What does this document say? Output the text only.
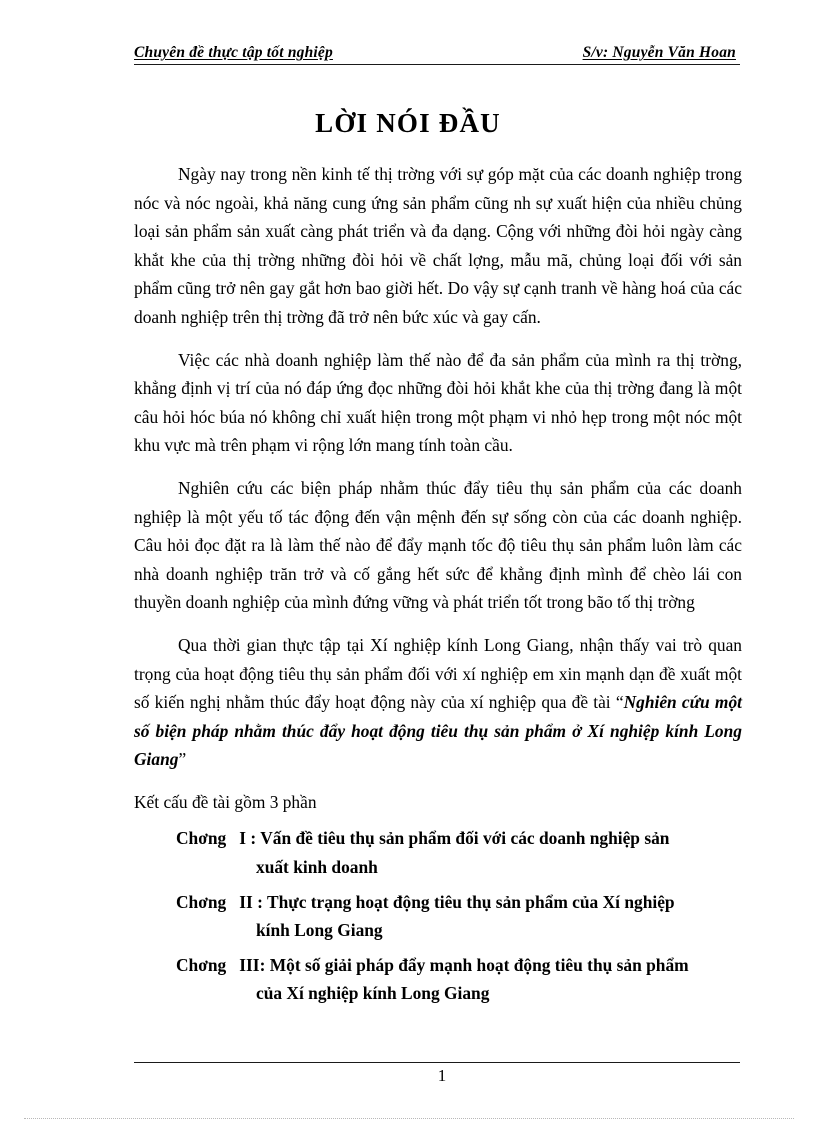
Chuyên đề thực tập tốt nghiệp	S/v: Nguyễn Văn Hoan
LỜI NÓI ĐẦU

Ngày nay trong nền kinh tế thị trờng với sự góp mặt của các doanh nghiệp trong nóc và nóc ngoài, khả năng cung ứng sản phẩm cũng nh sự xuất hiện của nhiều chủng loại sản phẩm sản xuất càng phát triển và đa dạng. Cộng với những đòi hỏi ngày càng khắt khe của thị trờng những đòi hỏi về chất lợng, mẫu mã, chủng loại đối với sản phẩm cũng trở nên gay gắt hơn bao giời hết. Do vậy sự cạnh tranh về hàng hoá của các doanh nghiệp trên thị trờng đã trở nên bức xúc và gay cấn.

Việc các nhà doanh nghiệp làm thế nào để đa sản phẩm của mình ra thị trờng, khẳng định vị trí của nó đáp ứng đọc những đòi hỏi khắt khe của thị trờng đang là một câu hỏi hóc búa nó không chỉ xuất hiện trong một phạm vi nhỏ hẹp trong một nóc một khu vực mà trên phạm vi rộng lớn mang tính toàn cầu.

Nghiên cứu các biện pháp nhằm thúc đẩy tiêu thụ sản phẩm của các doanh nghiệp là một yếu tố tác động đến vận mệnh đến sự sống còn của các doanh nghiệp. Câu hỏi đọc đặt ra là làm thế nào để đẩy mạnh tốc độ tiêu thụ sản phẩm luôn làm các nhà doanh nghiệp trăn trở và cố gắng hết sức để khẳng định mình để chèo lái con thuyền doanh nghiệp của mình đứng vững và phát triển tốt trong bão tố thị trờng

Qua thời gian thực tập tại Xí nghiệp kính Long Giang, nhận thấy vai trò quan trọng của hoạt động tiêu thụ sản phẩm đối với xí nghiệp em xin mạnh dạn đề xuất một số kiến nghị nhằm thúc đẩy hoạt động này của xí nghiệp qua đề tài “Nghiên cứu một số biện pháp nhằm thúc đẩy hoạt động tiêu thụ sản phẩm ở Xí nghiệp kính Long Giang”

Kết cấu đề tài gồm 3 phần

Chơng   I : Vấn đề tiêu thụ sản phẩm đối với các doanh nghiệp sản
xuất kinh doanh
Chơng   II : Thực trạng hoạt động tiêu thụ sản phẩm của Xí nghiệp
kính Long Giang
Chơng   III: Một số giải pháp đẩy mạnh hoạt động tiêu thụ sản phẩm
của Xí nghiệp kính Long Giang
1
